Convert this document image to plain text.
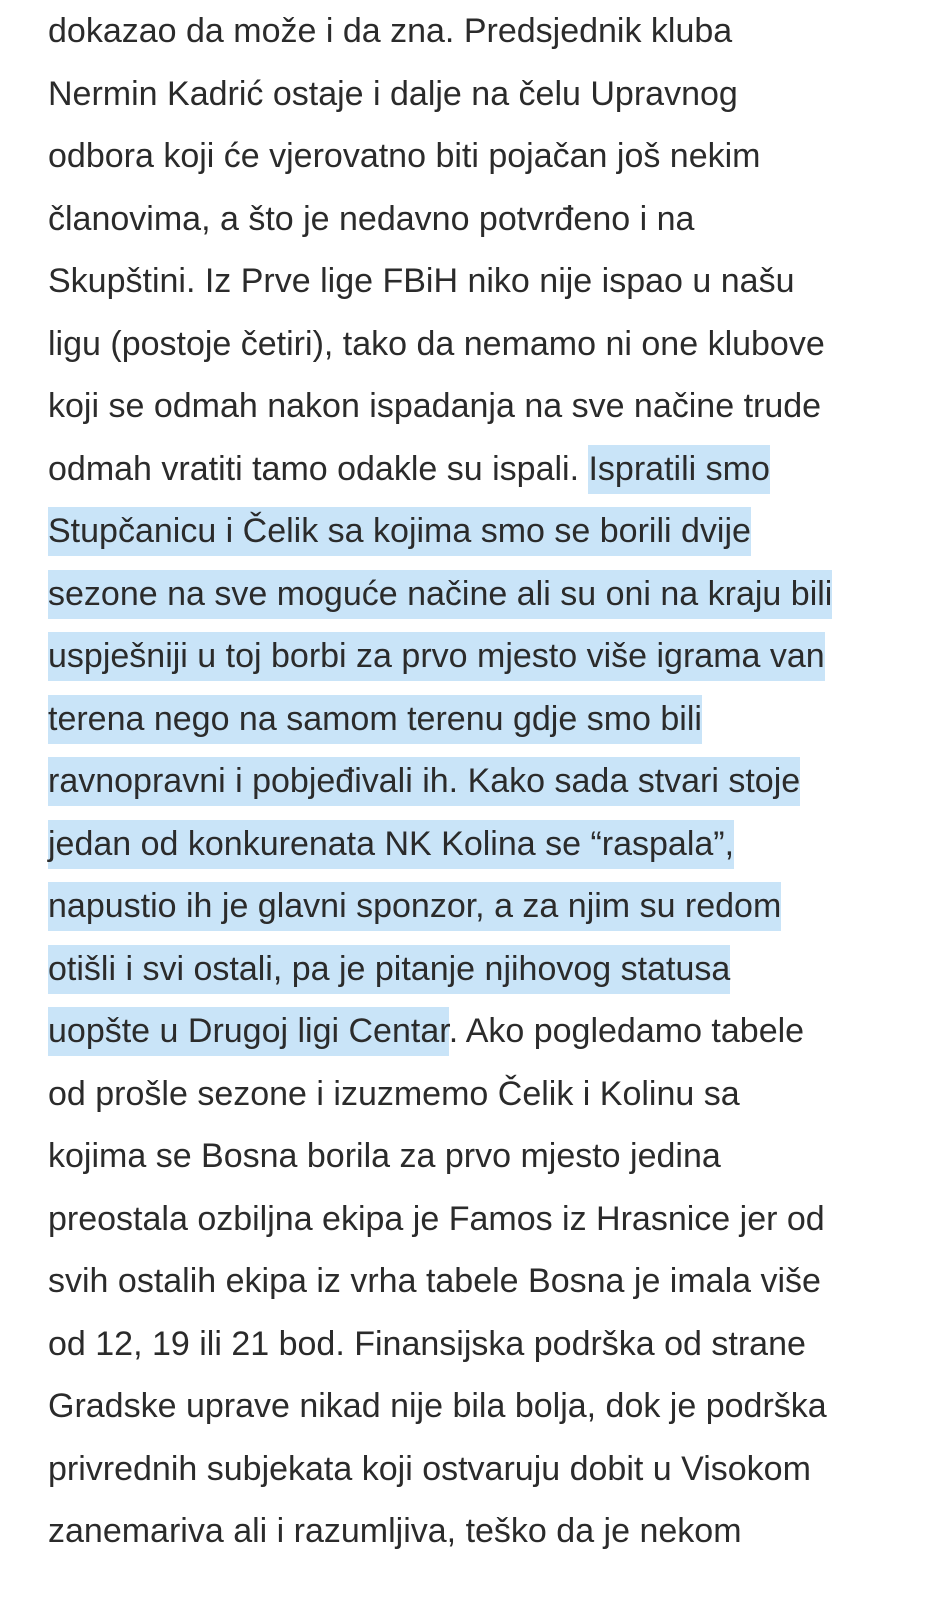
dokazao da može i da zna. Predsjednik kluba
Nermin Kadrić ostaje i dalje na čelu Upravnog
odbora koji će vjerovatno biti pojačan još nekim
članovima, a što je nedavno potvrđeno i na
Skupštini. Iz Prve lige FBiH niko nije ispao u našu
ligu (postoje četiri), tako da nemamo ni one klubove
koji se odmah nakon ispadanja na sve načine trude
odmah vratiti tamo odakle su ispali. Ispratili smo
Stupčanicu i Čelik sa kojima smo se borili dvije
sezone na sve moguće načine ali su oni na kraju bili
uspješniji u toj borbi za prvo mjesto više igrama van
terena nego na samom terenu gdje smo bili
ravnopravni i pobjeđivali ih. Kako sada stvari stoje
jedan od konkurenata NK Kolina se “raspala”,
napustio ih je glavni sponzor, a za njim su redom
otišli i svi ostali, pa je pitanje njihovog statusa
uopšte u Drugoj ligi Centar. Ako pogledamo tabele
od prošle sezone i izuzmemo Čelik i Kolinu sa
kojima se Bosna borila za prvo mjesto jedina
preostala ozbiljna ekipa je Famos iz Hrasnice jer od
svih ostalih ekipa iz vrha tabele Bosna je imala više
od 12, 19 ili 21 bod. Finansijska podrška od strane
Gradske uprave nikad nije bila bolja, dok je podrška
privrednih subjekata koji ostvaruju dobit u Visokom
zanemariva ali i razumljiva, teško da je nekom
